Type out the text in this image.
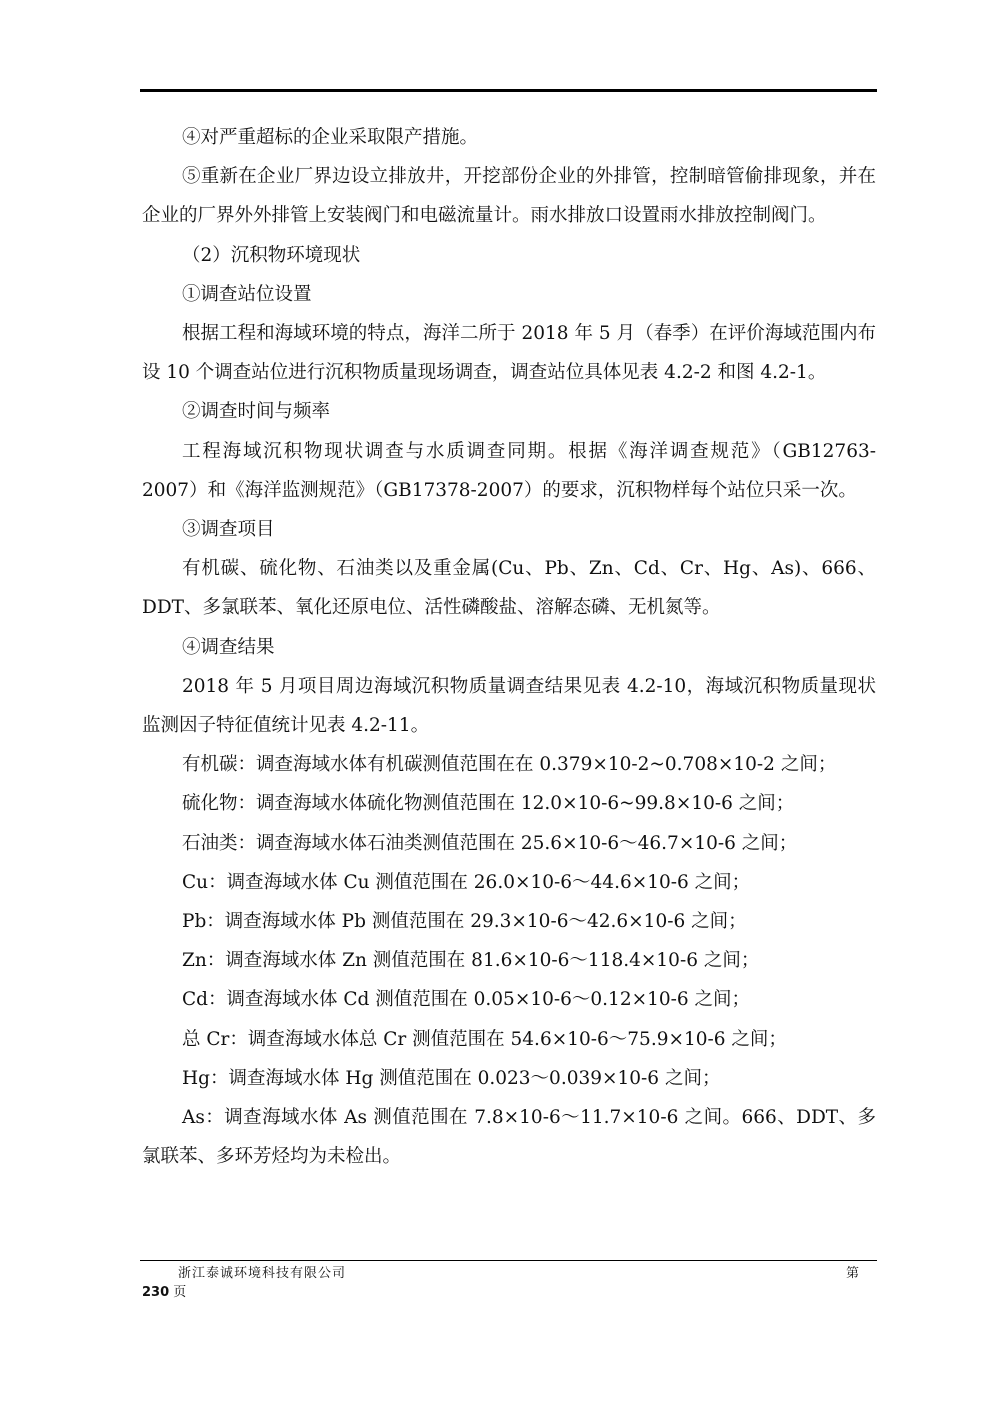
④对严重超标的企业采取限产措施。

⑤重新在企业厂界边设立排放井，开挖部份企业的外排管，控制暗管偷排现象，并在企业的厂界外外排管上安装阀门和电磁流量计。雨水排放口设置雨水排放控制阀门。

（2）沉积物环境现状

①调查站位设置

根据工程和海域环境的特点，海洋二所于 2018 年 5 月（春季）在评价海域范围内布设 10 个调查站位进行沉积物质量现场调查，调查站位具体见表 4.2-2 和图 4.2-1。

②调查时间与频率

工程海域沉积物现状调查与水质调查同期。根据《海洋调查规范》（GB12763-2007）和《海洋监测规范》（GB17378-2007）的要求，沉积物样每个站位只采一次。

③调查项目

有机碳、硫化物、石油类以及重金属(Cu、Pb、Zn、Cd、Cr、Hg、As)、666、DDT、多氯联苯、氧化还原电位、活性磷酸盐、溶解态磷、无机氮等。

④调查结果

2018 年 5 月项目周边海域沉积物质量调查结果见表 4.2-10，海域沉积物质量现状监测因子特征值统计见表 4.2-11。

有机碳：调查海域水体有机碳测值范围在在 0.379×10-2~0.708×10-2 之间；

硫化物：调查海域水体硫化物测值范围在 12.0×10-6~99.8×10-6 之间；

石油类：调查海域水体石油类测值范围在 25.6×10-6～46.7×10-6 之间；

Cu：调查海域水体 Cu 测值范围在 26.0×10-6～44.6×10-6 之间；

Pb：调查海域水体 Pb 测值范围在 29.3×10-6～42.6×10-6 之间；

Zn：调查海域水体 Zn 测值范围在 81.6×10-6～118.4×10-6 之间；

Cd：调查海域水体 Cd 测值范围在 0.05×10-6～0.12×10-6 之间；

总 Cr：调查海域水体总 Cr 测值范围在 54.6×10-6～75.9×10-6 之间；

Hg：调查海域水体 Hg 测值范围在 0.023～0.039×10-6 之间；

As：调查海域水体 As 测值范围在 7.8×10-6～11.7×10-6 之间。666、DDT、多氯联苯、多环芳烃均为未检出。

浙江泰诚环境科技有限公司	第
230 页
